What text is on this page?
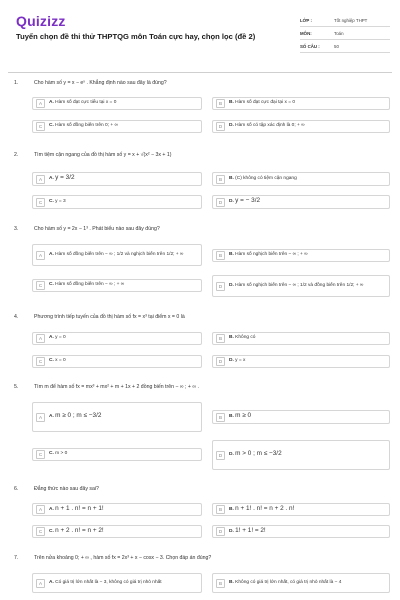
Quizizz
Tuyển chọn đề thi thử THPTQG môn Toán cực hay, chọn lọc (đề 2)
LỚP :	Tốt nghiệp THPT
MÔN:	Toán
SỐ CÂU :	50
1.	Cho hàm số y = x − eˣ . Khẳng định nào sau đây là đúng?
A	A. Hàm số đạt cực tiểu tại x = 0	B	B. Hàm số đạt cực đại tại x = 0
C	C. Hàm số đồng biến trên 0; + ∞	D	D. Hàm số có tập xác định là 0; + ∞
2.	Tìm tiệm cận ngang của đồ thị hàm số y = x + √(x² − 3x + 1)
A	A. y = 3/2	B	B. (C) không có tiệm cận ngang
C	C. y = 3	D	D. y = − 3/2
3.	Cho hàm số y = 2x − 1³ . Phát biểu nào sau đây đúng?
A	A. Hàm số đồng biến trên − ∞ ; 1/2 và nghịch biến trên 1/2; + ∞	B	B. Hàm số nghịch biến trên − ∞ ; + ∞
C	C. Hàm số đồng biến trên − ∞ ; + ∞	D	D. Hàm số nghịch biến trên − ∞ ; 1/2 và đồng biến trên 1/2; + ∞
4.	Phương trình tiếp tuyến của đồ thị hàm số fx = x³ tại điểm x = 0 là
A	A. y = 0	B	B. Không có
C	C. x = 0	D	D. y = x
5.	Tìm m để hàm số fx = mx³ + mx² + m + 1x + 2 đồng biến trên − ∞ ; + ∞ .
A	A. m ≥ 0 ; m ≤ −3/2	B	B. m ≥ 0
C	C. m > 0	D	D. m > 0 ; m ≤ −3/2
6.	Đẳng thức nào sau đây sai?
A	A. n + 1 . n! = n + 1!	B	B. n + 1! . n! = n + 2 . n!
C	C. n + 2 . n! = n + 2!	D	D. 1! + 1! = 2!
7.	Trên nửa khoảng 0; + ∞ , hàm số fx = 2x³ + x − cosx − 3. Chọn đáp án đúng?
A	A. Có giá trị lớn nhất là − 3, không có giá trị nhỏ nhất	B	B. Không có giá trị lớn nhất, có giá trị nhỏ nhất là − 4
